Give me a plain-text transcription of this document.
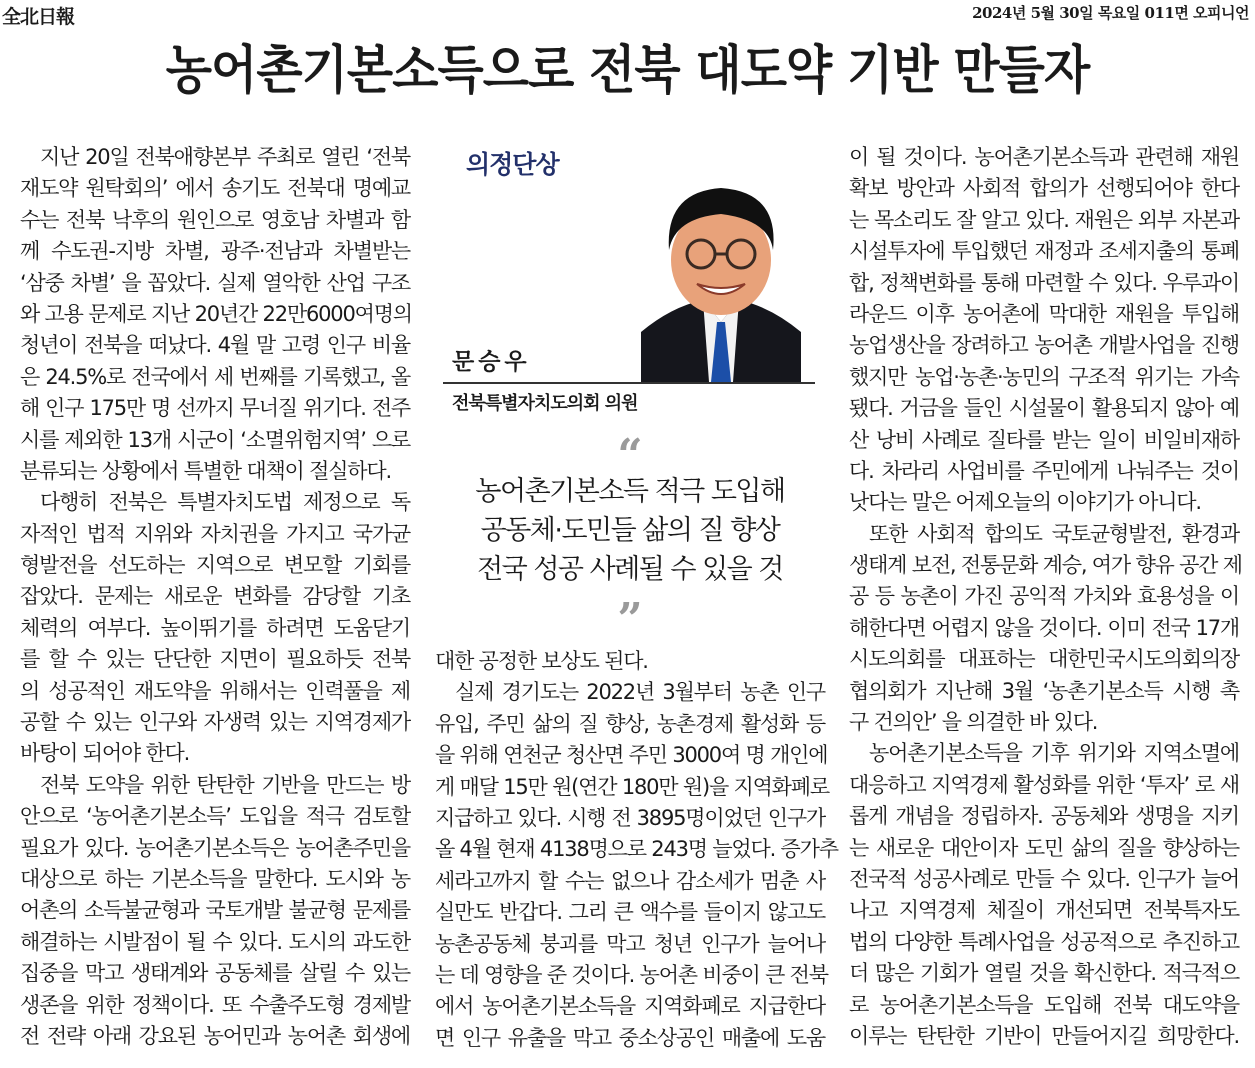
全北日報	2024년 5월 30일 목요일 011면 오피니언
농어촌기본소득으로 전북 대도약 기반 만들자
지난 20일 전북애향본부 주최로 열린 ‘전북
재도약 원탁회의’ 에서 송기도 전북대 명예교
수는 전북 낙후의 원인으로 영호남 차별과 함
께 수도권-지방 차별, 광주·전남과 차별받는
‘삼중 차별’ 을 꼽았다. 실제 열악한 산업 구조
와 고용 문제로 지난 20년간 22만6000여명의
청년이 전북을 떠났다. 4월 말 고령 인구 비율
은 24.5%로 전국에서 세 번째를 기록했고, 올
해 인구 175만 명 선까지 무너질 위기다. 전주
시를 제외한 13개 시군이 ‘소멸위험지역’ 으로
분류되는 상황에서 특별한 대책이 절실하다.
다행히 전북은 특별자치도법 제정으로 독
자적인 법적 지위와 자치권을 가지고 국가균
형발전을 선도하는 지역으로 변모할 기회를
잡았다. 문제는 새로운 변화를 감당할 기초
체력의 여부다. 높이뛰기를 하려면 도움닫기
를 할 수 있는 단단한 지면이 필요하듯 전북
의 성공적인 재도약을 위해서는 인력풀을 제
공할 수 있는 인구와 자생력 있는 지역경제가
바탕이 되어야 한다.
전북 도약을 위한 탄탄한 기반을 만드는 방
안으로 ‘농어촌기본소득’ 도입을 적극 검토할
필요가 있다. 농어촌기본소득은 농어촌주민을
대상으로 하는 기본소득을 말한다. 도시와 농
어촌의 소득불균형과 국토개발 불균형 문제를
해결하는 시발점이 될 수 있다. 도시의 과도한
집중을 막고 생태계와 공동체를 살릴 수 있는
생존을 위한 정책이다. 또 수출주도형 경제발
전 전략 아래 강요된 농어민과 농어촌 회생에
대한 공정한 보상도 된다.
실제 경기도는 2022년 3월부터 농촌 인구
유입, 주민 삶의 질 향상, 농촌경제 활성화 등
을 위해 연천군 청산면 주민 3000여 명 개인에
게 매달 15만 원(연간 180만 원)을 지역화폐로
지급하고 있다. 시행 전 3895명이었던 인구가
올 4월 현재 4138명으로 243명 늘었다. 증가추
세라고까지 할 수는 없으나 감소세가 멈춘 사
실만도 반갑다. 그리 큰 액수를 들이지 않고도
농촌공동체 붕괴를 막고 청년 인구가 늘어나
는 데 영향을 준 것이다. 농어촌 비중이 큰 전북
에서 농어촌기본소득을 지역화폐로 지급한다
면 인구 유출을 막고 중소상공인 매출에 도움
이 될 것이다. 농어촌기본소득과 관련해 재원
확보 방안과 사회적 합의가 선행되어야 한다
는 목소리도 잘 알고 있다. 재원은 외부 자본과
시설투자에 투입했던 재정과 조세지출의 통폐
합, 정책변화를 통해 마련할 수 있다. 우루과이
라운드 이후 농어촌에 막대한 재원을 투입해
농업생산을 장려하고 농어촌 개발사업을 진행
했지만 농업·농촌·농민의 구조적 위기는 가속
됐다. 거금을 들인 시설물이 활용되지 않아 예
산 낭비 사례로 질타를 받는 일이 비일비재하
다. 차라리 사업비를 주민에게 나눠주는 것이
낫다는 말은 어제오늘의 이야기가 아니다.
또한 사회적 합의도 국토균형발전, 환경과
생태계 보전, 전통문화 계승, 여가 향유 공간 제
공 등 농촌이 가진 공익적 가치와 효용성을 이
해한다면 어렵지 않을 것이다. 이미 전국 17개
시도의회를 대표하는 대한민국시도의회의장
협의회가 지난해 3월 ‘농촌기본소득 시행 촉
구 건의안’ 을 의결한 바 있다.
농어촌기본소득을 기후 위기와 지역소멸에
대응하고 지역경제 활성화를 위한 ‘투자’ 로 새
롭게 개념을 정립하자. 공동체와 생명을 지키
는 새로운 대안이자 도민 삶의 질을 향상하는
전국적 성공사례로 만들 수 있다. 인구가 늘어
나고 지역경제 체질이 개선되면 전북특자도
법의 다양한 특례사업을 성공적으로 추진하고
더 많은 기회가 열릴 것을 확신한다. 적극적으
로 농어촌기본소득을 도입해 전북 대도약을
이루는 탄탄한 기반이 만들어지길 희망한다.
의정단상
문승우
전북특별자치도의회 의원
“
농어촌기본소득 적극 도입해
공동체·도민들 삶의 질 향상
전국 성공 사례될 수 있을 것
”
